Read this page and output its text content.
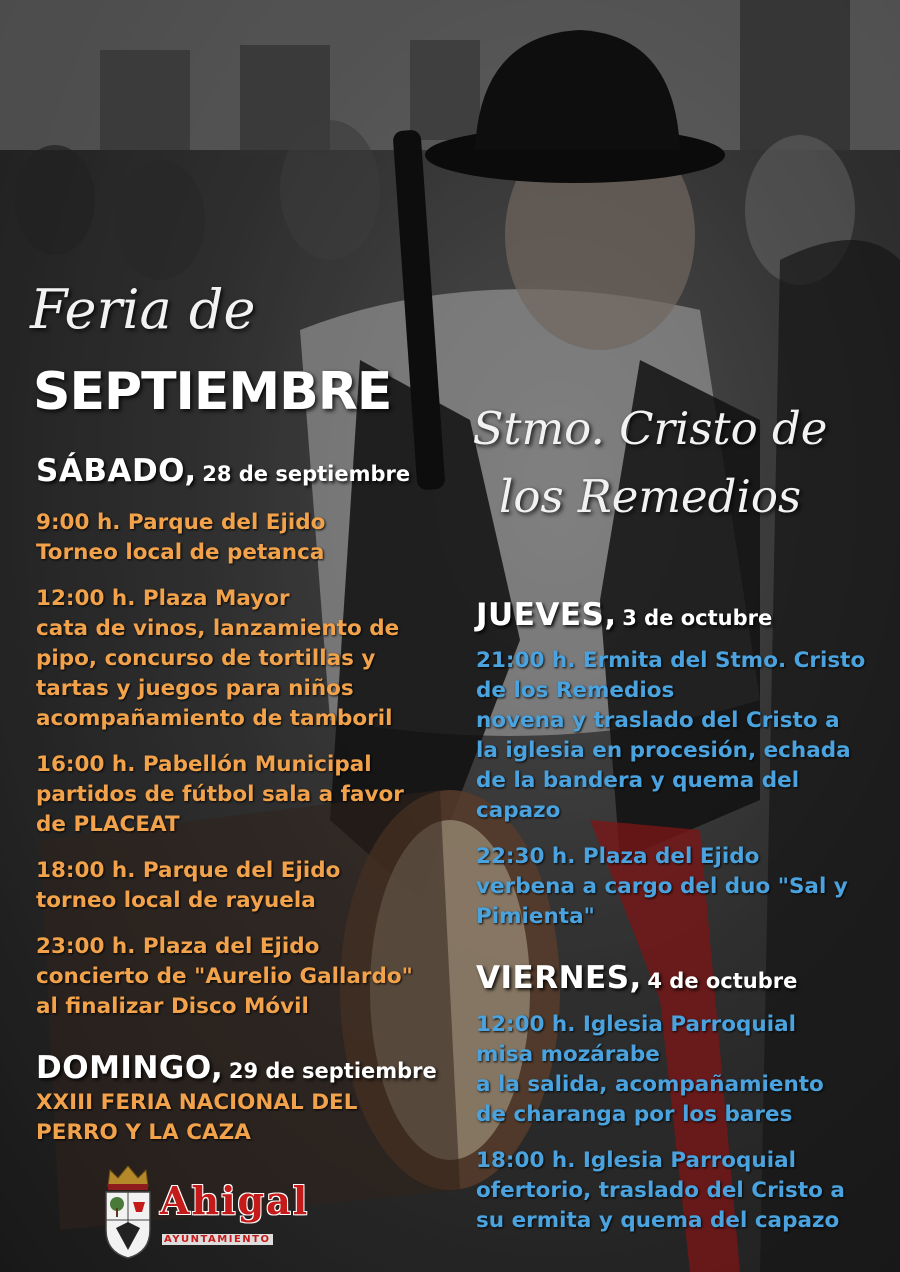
Feria de
SEPTIEMBRE
Stmo. Cristo de los Remedios
SÁBADO, 28 de septiembre
9:00 h. Parque del Ejido
Torneo local de petanca
12:00 h. Plaza Mayor
cata de vinos, lanzamiento de
pipo, concurso de tortillas y
tartas y juegos para niños
acompañamiento de tamboril
16:00 h. Pabellón Municipal
partidos de fútbol sala a favor
de PLACEAT
18:00 h. Parque del Ejido
torneo local de rayuela
23:00 h. Plaza del Ejido
concierto de "Aurelio Gallardo"
al finalizar Disco Móvil
DOMINGO, 29 de septiembre
XXIII FERIA NACIONAL DEL
PERRO Y LA CAZA
JUEVES, 3 de octubre
21:00 h. Ermita del Stmo. Cristo
de los Remedios
novena y traslado del Cristo a
la iglesia en procesión, echada
de la bandera y quema del
capazo
22:30 h. Plaza del Ejido
verbena a cargo del duo "Sal y
Pimienta"
VIERNES, 4 de octubre
12:00 h. Iglesia Parroquial
misa mozárabe
a la salida, acompañamiento
de charanga por los bares
18:00 h. Iglesia Parroquial
ofertorio, traslado del Cristo a
su ermita y quema del capazo
Ahigal
AYUNTAMIENTO
